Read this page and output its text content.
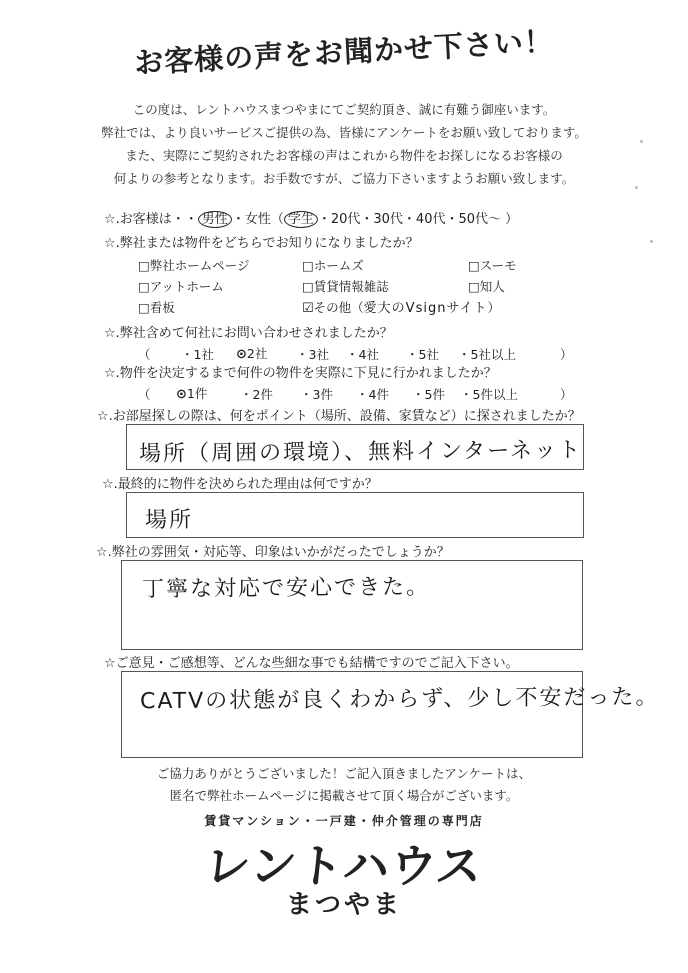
お客様の声をお聞かせ下さい！
この度は、レントハウスまつやまにてご契約頂き、誠に有難う御座います。
弊社では、より良いサービスご提供の為、皆様にアンケートをお願い致しております。
また、実際にご契約されたお客様の声はこれから物件をお探しになるお客様の
何よりの参考となります。お手数ですが、ご協力下さいますようお願い致します。
☆.お客様は・・ 男性 ・女性（ 学生 ・20代・30代・40代・50代～ ）
☆.弊社または物件をどちらでお知りになりましたか？
□弊社ホームページ	□ホームズ	□スーモ
□アットホーム	□賃貸情報雑誌	□知人
□看板	☑その他（愛大のVsignサイト）
☆.弊社含めて何社にお問い合わせされましたか？
（ ・1社 ⊙2社 ・3社 ・4社 ・5社 ・5社以上	）
☆.物件を決定するまで何件の物件を実際に下見に行かれましたか？
（ ⊙1件	・2件 ・3件 ・4件 ・5件 ・5件以上	）
☆.お部屋探しの際は、何をポイント（場所、設備、家賃など）に探されましたか？
場所（周囲の環境）、無料インターネット
☆.最終的に物件を決められた理由は何ですか？
場所
☆.弊社の雰囲気・対応等、印象はいかがだったでしょうか？
丁寧な対応で安心できた。
☆ご意見・ご感想等、どんな些細な事でも結構ですのでご記入下さい。
CATVの状態が良くわからず、少し不安だった。
ご協力ありがとうございました！ご記入頂きましたアンケートは、
匿名で弊社ホームページに掲載させて頂く場合がございます。
賃貸マンション・一戸建・仲介管理の専門店
レントハウス
まつやま
